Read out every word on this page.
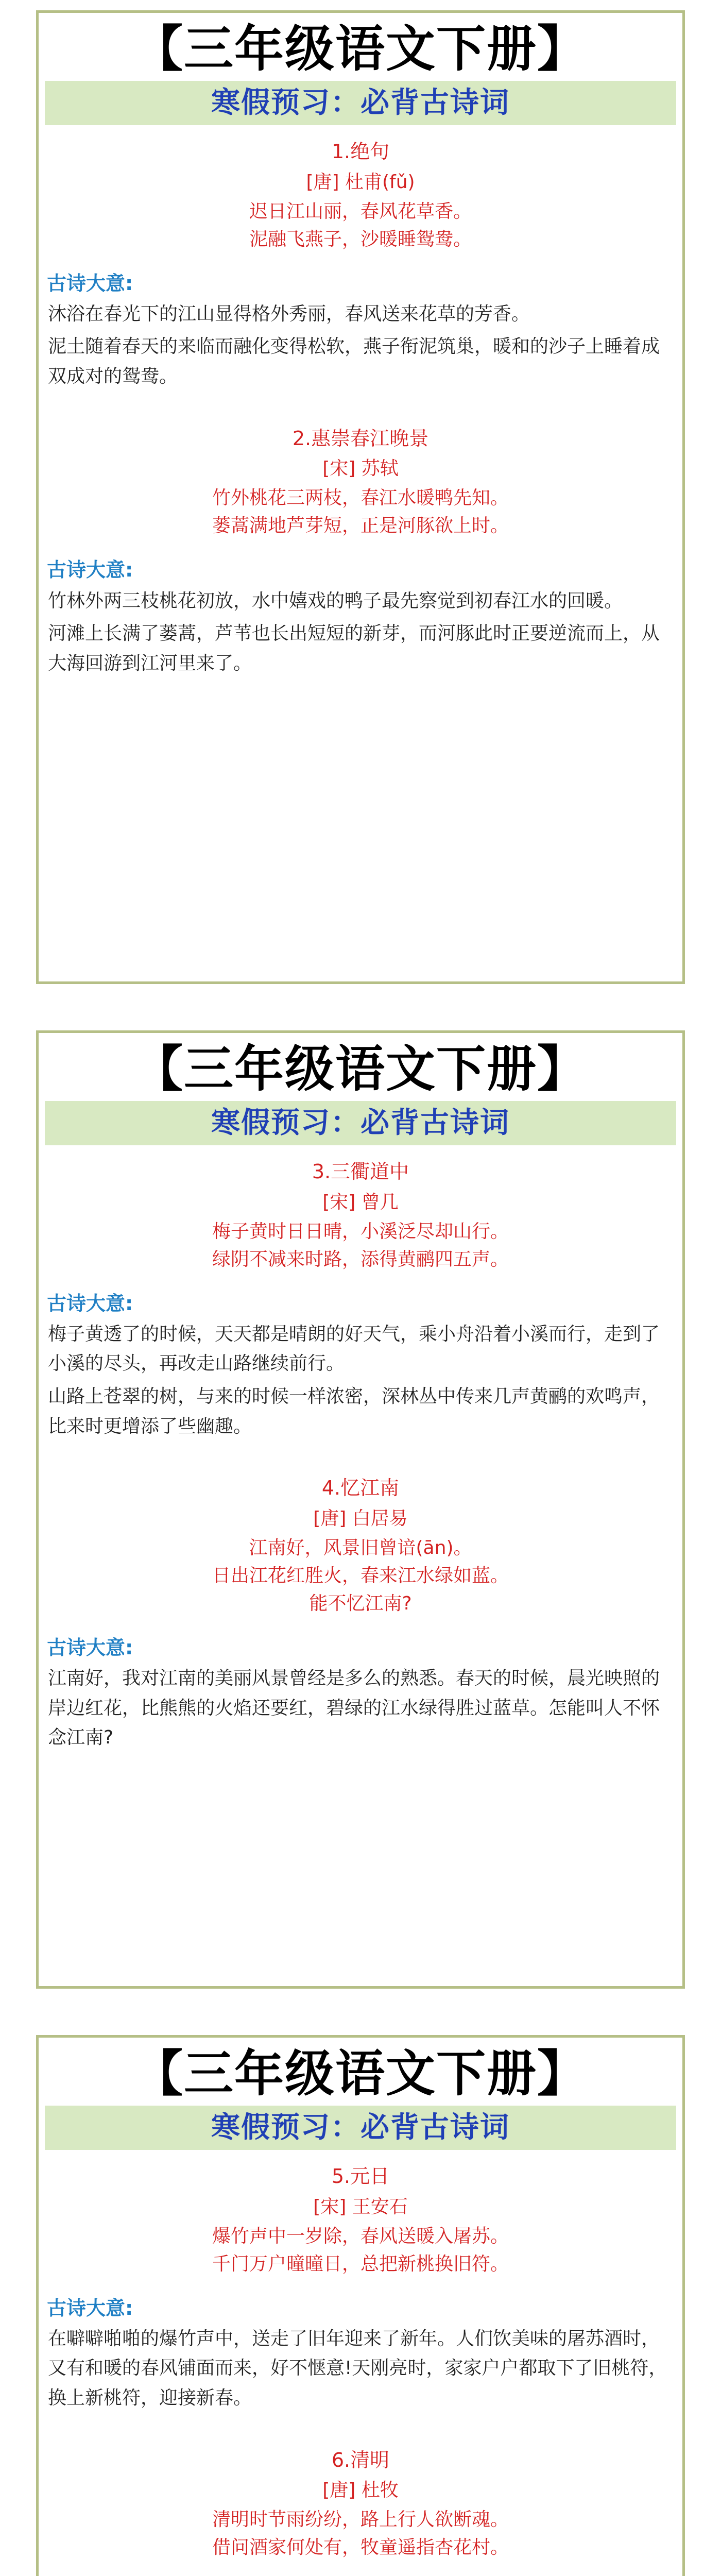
【三年级语文下册】
寒假预习：必背古诗词
1.绝句
[唐] 杜甫(fǔ)
迟日江山丽，春风花草香。
泥融飞燕子，沙暖睡鸳鸯。
古诗大意:
沐浴在春光下的江山显得格外秀丽，春风送来花草的芳香。
泥土随着春天的来临而融化变得松软，燕子衔泥筑巢，暖和的沙子上睡着成双成对的鸳鸯。
2.惠崇春江晚景
[宋] 苏轼
竹外桃花三两枝，春江水暖鸭先知。
蒌蒿满地芦芽短，正是河豚欲上时。
古诗大意:
竹林外两三枝桃花初放，水中嬉戏的鸭子最先察觉到初春江水的回暖。
河滩上长满了蒌蒿，芦苇也长出短短的新芽，而河豚此时正要逆流而上，从大海回游到江河里来了。
【三年级语文下册】
寒假预习：必背古诗词
3.三衢道中
[宋] 曾几
梅子黄时日日晴，小溪泛尽却山行。
绿阴不减来时路，添得黄鹂四五声。
古诗大意:
梅子黄透了的时候，天天都是晴朗的好天气，乘小舟沿着小溪而行，走到了小溪的尽头，再改走山路继续前行。
山路上苍翠的树，与来的时候一样浓密，深林丛中传来几声黄鹂的欢鸣声，比来时更增添了些幽趣。
4.忆江南
[唐] 白居易
江南好，风景旧曾谙(ān)。
日出江花红胜火，春来江水绿如蓝。
能不忆江南?
古诗大意:
江南好，我对江南的美丽风景曾经是多么的熟悉。春天的时候，晨光映照的岸边红花，比熊熊的火焰还要红，碧绿的江水绿得胜过蓝草。怎能叫人不怀念江南?
【三年级语文下册】
寒假预习：必背古诗词
5.元日
[宋] 王安石
爆竹声中一岁除，春风送暖入屠苏。
千门万户曈曈日，总把新桃换旧符。
古诗大意:
在噼噼啪啪的爆竹声中，送走了旧年迎来了新年。人们饮美味的屠苏酒时，又有和暖的春风铺面而来，好不惬意!天刚亮时，家家户户都取下了旧桃符，换上新桃符，迎接新春。
6.清明
[唐] 杜牧
清明时节雨纷纷，路上行人欲断魂。
借问酒家何处有，牧童遥指杏花村。
